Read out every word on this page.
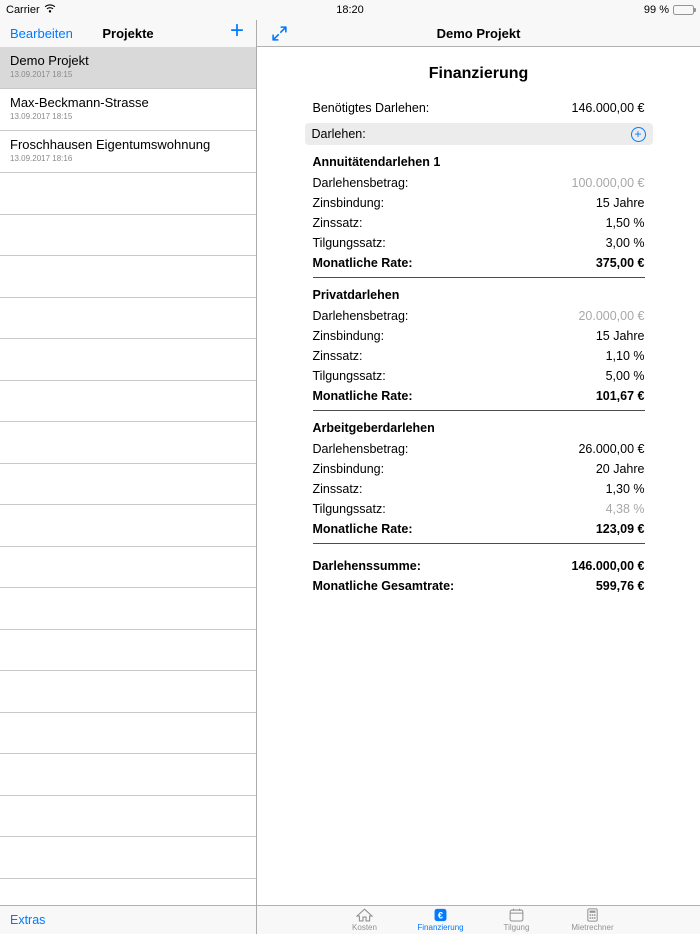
Carrier	18:20	99 %
Bearbeiten Projekte	+
Demo Projekt
13.09.2017 18:15
Max-Beckmann-Strasse
13.09.2017 18:15
Froschhausen Eigentumswohnung
13.09.2017 18:16
Extras
Demo Projekt
Finanzierung
Benötigtes Darlehen:	146.000,00 €
Darlehen:	+
Annuitätendarlehen 1
Darlehensbetrag:	100.000,00 €
Zinsbindung:	15 Jahre
Zinssatz:	1,50 %
Tilgungssatz:	3,00 %
Monatliche Rate:	375,00 €
Privatdarlehen
Darlehensbetrag:	20.000,00 €
Zinsbindung:	15 Jahre
Zinssatz:	1,10 %
Tilgungssatz:	5,00 %
Monatliche Rate:	101,67 €
Arbeitgeberdarlehen
Darlehensbetrag:	26.000,00 €
Zinsbindung:	20 Jahre
Zinssatz:	1,30 %
Tilgungssatz:	4,38 %
Monatliche Rate:	123,09 €
Darlehenssumme:	146.000,00 €
Monatliche Gesamtrate:	599,76 €
Kosten
€
Finanzierung	Tilgung	Mietrechner
